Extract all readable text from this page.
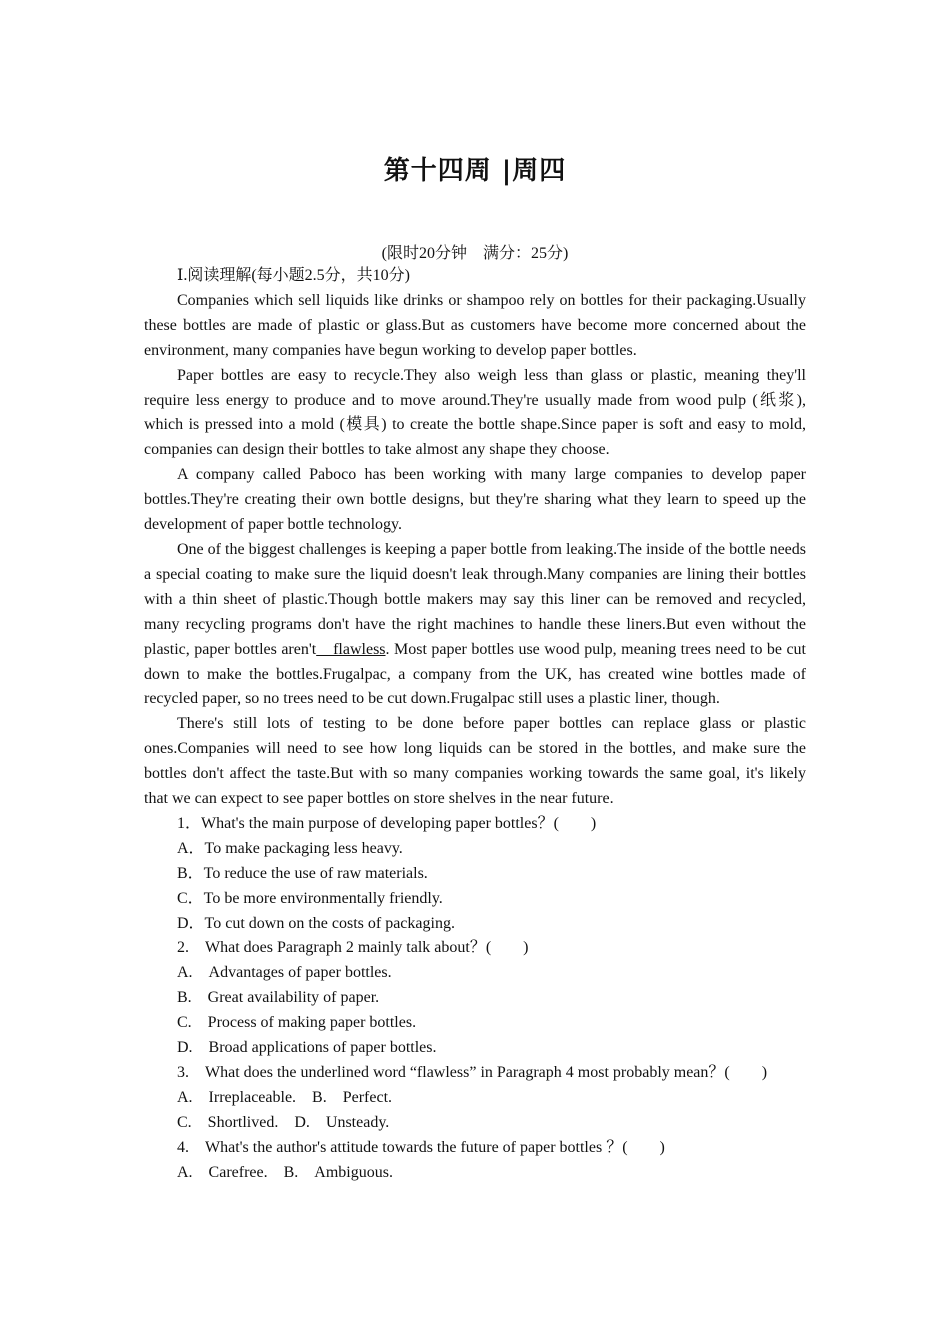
第十四周 |周四
(限时20分钟　满分：25分)
Ⅰ.阅读理解(每小题2.5分，共10分)

Companies which sell liquids like drinks or shampoo rely on bottles for their packaging.Usually these bottles are made of plastic or glass.But as customers have become more concerned about the environment, many companies have begun working to develop paper bottles.

Paper bottles are easy to recycle.They also weigh less than glass or plastic, meaning they'll require less energy to produce and to move around.They're usually made from wood pulp (纸浆), which is pressed into a mold (模具) to create the bottle shape.Since paper is soft and easy to mold, companies can design their bottles to take almost any shape they choose.

A company called Paboco has been working with many large companies to develop paper bottles.They're creating their own bottle designs, but they're sharing what they learn to speed up the development of paper bottle technology.

One of the biggest challenges is keeping a paper bottle from leaking.The inside of the bottle needs a special coating to make sure the liquid doesn't leak through.Many companies are lining their bottles with a thin sheet of plastic.Though bottle makers may say this liner can be removed and recycled, many recycling programs don't have the right machines to handle these liners.But even without the plastic, paper bottles aren't　flawless. Most paper bottles use wood pulp, meaning trees need to be cut down to make the bottles.Frugalpac, a company from the UK, has created wine bottles made of recycled paper, so no trees need to be cut down.Frugalpac still uses a plastic liner, though.

There's still lots of testing to be done before paper bottles can replace glass or plastic ones.Companies will need to see how long liquids can be stored in the bottles, and make sure the bottles don't affect the taste.But with so many companies working towards the same goal, it's likely that we can expect to see paper bottles on store shelves in the near future.

1．What's the main purpose of developing paper bottles？(　　)
A．To make packaging less heavy.
B．To reduce the use of raw materials.
C．To be more environmentally friendly.
D．To cut down on the costs of packaging.
2.　What does Paragraph 2 mainly talk about？(　　)
A.　Advantages of paper bottles.
B.　Great availability of paper.
C.　Process of making paper bottles.
D.　Broad applications of paper bottles.
3.　What does the underlined word “flawless” in Paragraph 4 most probably mean？(　　)
A.　Irreplaceable.　B.　Perfect.
C.　Shortlived.　D.　Unsteady.
4.　What's the author's attitude towards the future of paper bottles ？(　　)
A.　Carefree.　B.　Ambiguous.
